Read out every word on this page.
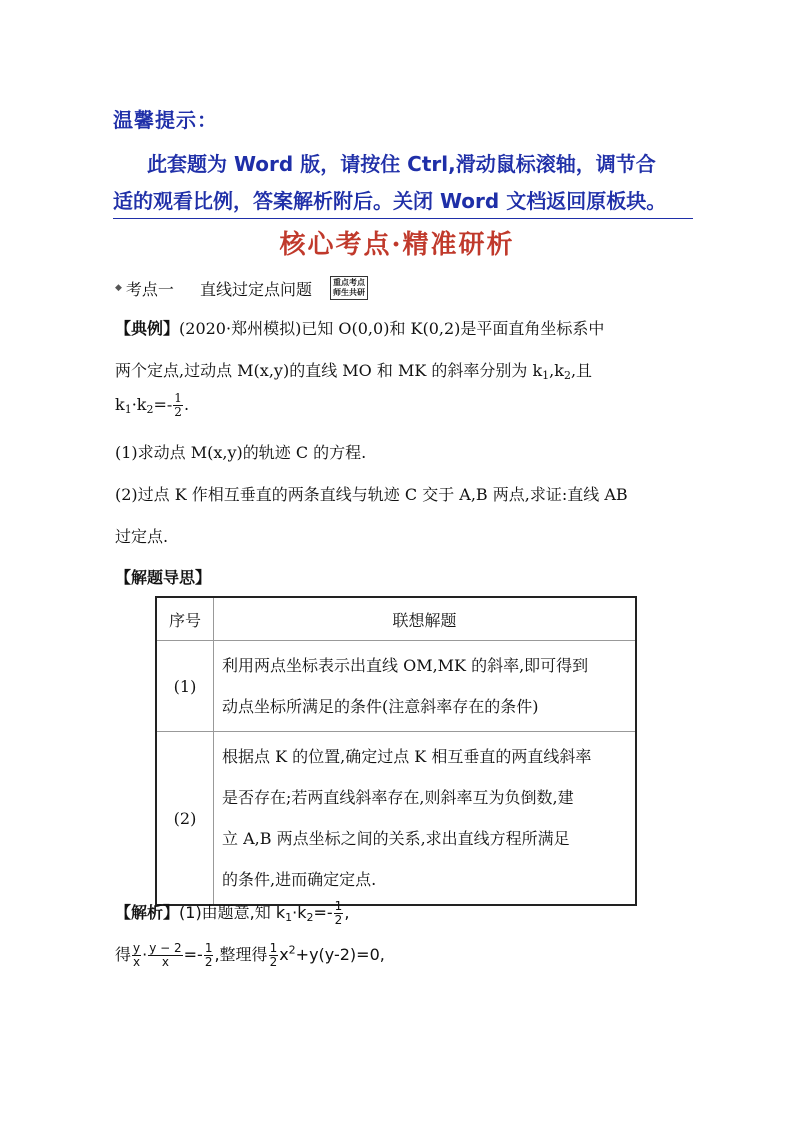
温馨提示：
此套题为 Word 版，请按住 Ctrl,滑动鼠标滚轴，调节合
适的观看比例，答案解析附后。关闭 Word 文档返回原板块。
核心考点·精准研析
◆ 考点一 直线过定点问题	重点考点
师生共研
【典例】(2020·郑州模拟)已知 O(0,0)和 K(0,2)是平面直角坐标系中
两个定点,过动点 M(x,y)的直线 MO 和 MK 的斜率分别为 $k_1,k_2$,且
$k_1\cdot k_2=- \frac{1}{2}$ .
(1)求动点 M(x,y)的轨迹 C 的方程.
(2)过点 K 作相互垂直的两条直线与轨迹 C 交于 A,B 两点,求证:直线 AB
过定点.
【解题导思】
序号	联想解题
(1)	利用两点坐标表示出直线 OM,MK 的斜率,即可得到
动点坐标所满足的条件(注意斜率存在的条件)

(2)	根据点 K 的位置,确定过点 K 相互垂直的两直线斜率
是否存在;若两直线斜率存在,则斜率互为负倒数,建
立 A,B 两点坐标之间的关系,求出直线方程所满足
的条件,进而确定定点.
【解析】(1)由题意,知 $k_1\cdot k_2=- \frac{1}{2}$ ,
得 $\frac{y}{x} \cdot \frac{y - 2}{x} =- \frac{1}{2}$ ,整理得 $\frac{1}{2} x^2+y(y-2)=0$,
